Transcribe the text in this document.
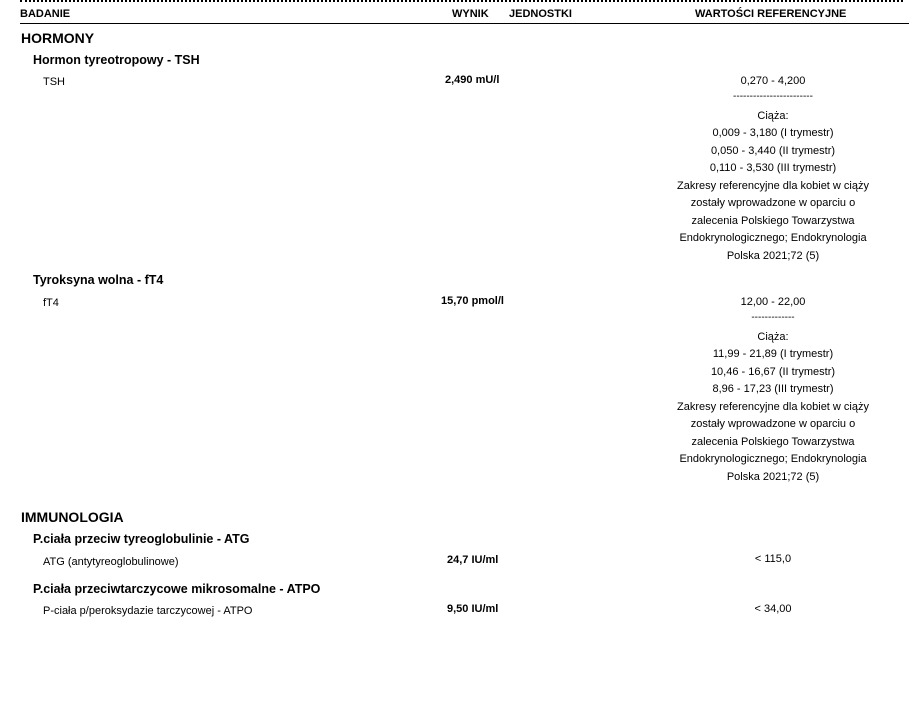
BADANIE	WYNIK JEDNOSTKI	WARTOŚCI REFERENCYJNE
HORMONY
Hormon tyreotropowy - TSH
TSH	2,490 mU/l	0,270 - 4,200
------------------------
Ciąża:
0,009 - 3,180 (I trymestr)
0,050 - 3,440 (II trymestr)
0,110 - 3,530 (III trymestr)
Zakresy referencyjne dla kobiet w ciąży
zostały wprowadzone w oparciu o
zalecenia Polskiego Towarzystwa
Endokrynologicznego; Endokrynologia
Polska 2021;72 (5)
Tyroksyna wolna - fT4
fT4	15,70 pmol/l	12,00 - 22,00
-------------
Ciąża:
11,99 - 21,89 (I trymestr)
10,46 - 16,67 (II trymestr)
8,96 - 17,23 (III trymestr)
Zakresy referencyjne dla kobiet w ciąży
zostały wprowadzone w oparciu o
zalecenia Polskiego Towarzystwa
Endokrynologicznego; Endokrynologia
Polska 2021;72 (5)
IMMUNOLOGIA
P.ciała przeciw tyreoglobulinie - ATG
ATG (antytyreoglobulinowe)	24,7 IU/ml	< 115,0
P.ciała przeciwtarczycowe mikrosomalne - ATPO
P-ciała p/peroksydazie tarczycowej - ATPO	9,50 IU/ml	< 34,00
